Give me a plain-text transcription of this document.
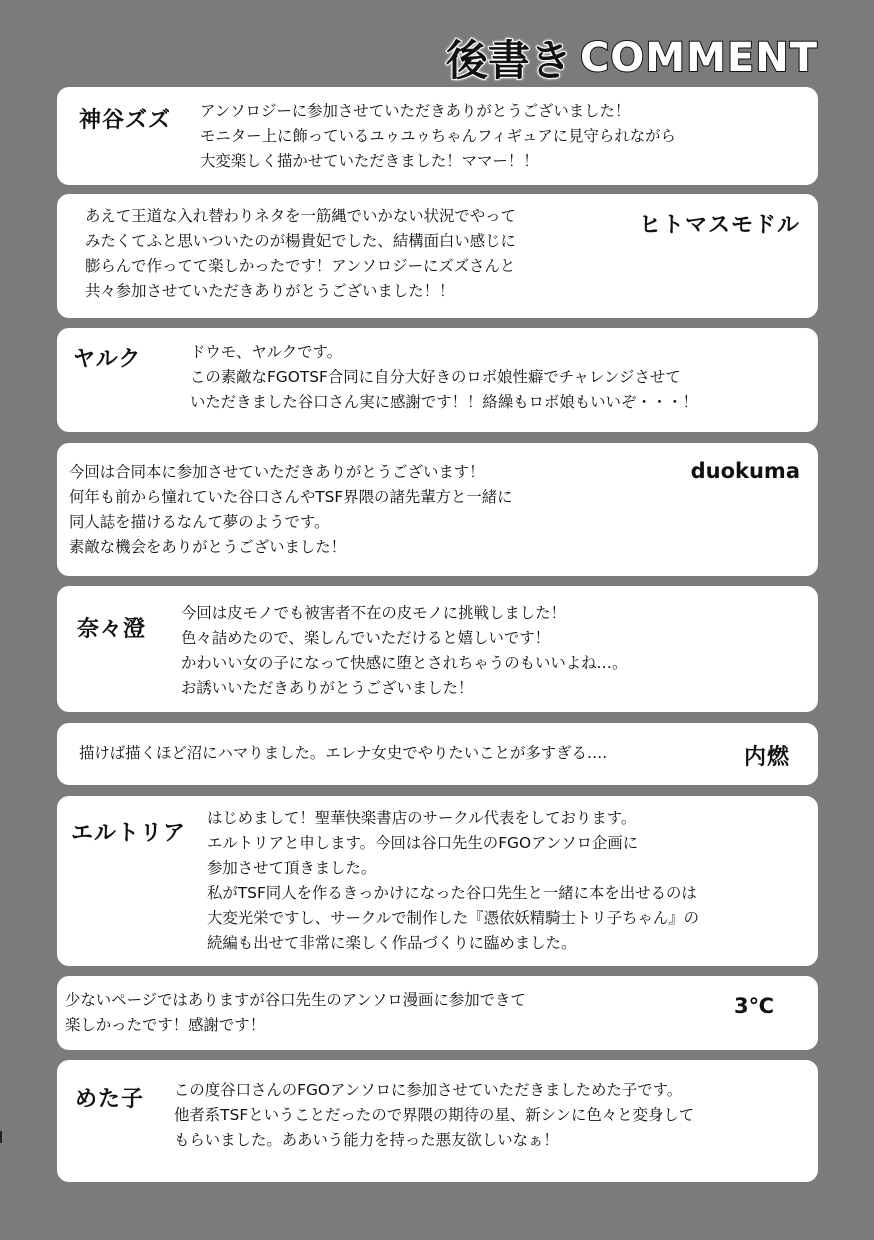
後書き COMMENT
神谷ズズ アンソロジーに参加させていただきありがとうございました！
モニター上に飾っているユゥユゥちゃんフィギュアに見守られながら
大変楽しく描かせていただきました！ママー！！
あえて王道な入れ替わりネタを一筋縄でいかない状況でやって
みたくてふと思いついたのが楊貴妃でした、結構面白い感じに
膨らんで作ってて楽しかったです！アンソロジーにズズさんと
共々参加させていただきありがとうございました！！
ヒトマスモドル
ヤルク	ドウモ、ヤルクです。
この素敵なFGOTSF合同に自分大好きのロボ娘性癖でチャレンジさせて
いただきました谷口さん実に感謝です！！絡繰もロボ娘もいいぞ・・・！
今回は合同本に参加させていただきありがとうございます！
何年も前から憧れていた谷口さんやTSF界隈の諸先輩方と一緒に
同人誌を描けるなんて夢のようです。
素敵な機会をありがとうございました！
duokuma
奈々澄
今回は皮モノでも被害者不在の皮モノに挑戦しました！
色々詰めたので、楽しんでいただけると嬉しいです！
かわいい女の子になって快感に堕とされちゃうのもいいよね…。
お誘いいただきありがとうございました！
描けば描くほど沼にハマりました。エレナ女史でやりたいことが多すぎる….	内燃
エルトリア
はじめまして！聖華快楽書店のサークル代表をしております。
エルトリアと申します。今回は谷口先生のFGOアンソロ企画に
参加させて頂きました。
私がTSF同人を作るきっかけになった谷口先生と一緒に本を出せるのは
大変光栄ですし、サークルで制作した『憑依妖精騎士トリ子ちゃん』の
続編も出せて非常に楽しく作品づくりに臨めました。
少ないページではありますが谷口先生のアンソロ漫画に参加できて
楽しかったです！感謝です！
3℃
めた子 この度谷口さんのFGOアンソロに参加させていただきましためた子です。
他者系TSFということだったので界隈の期待の星、新シンに色々と変身して
もらいました。ああいう能力を持った悪友欲しいなぁ！
